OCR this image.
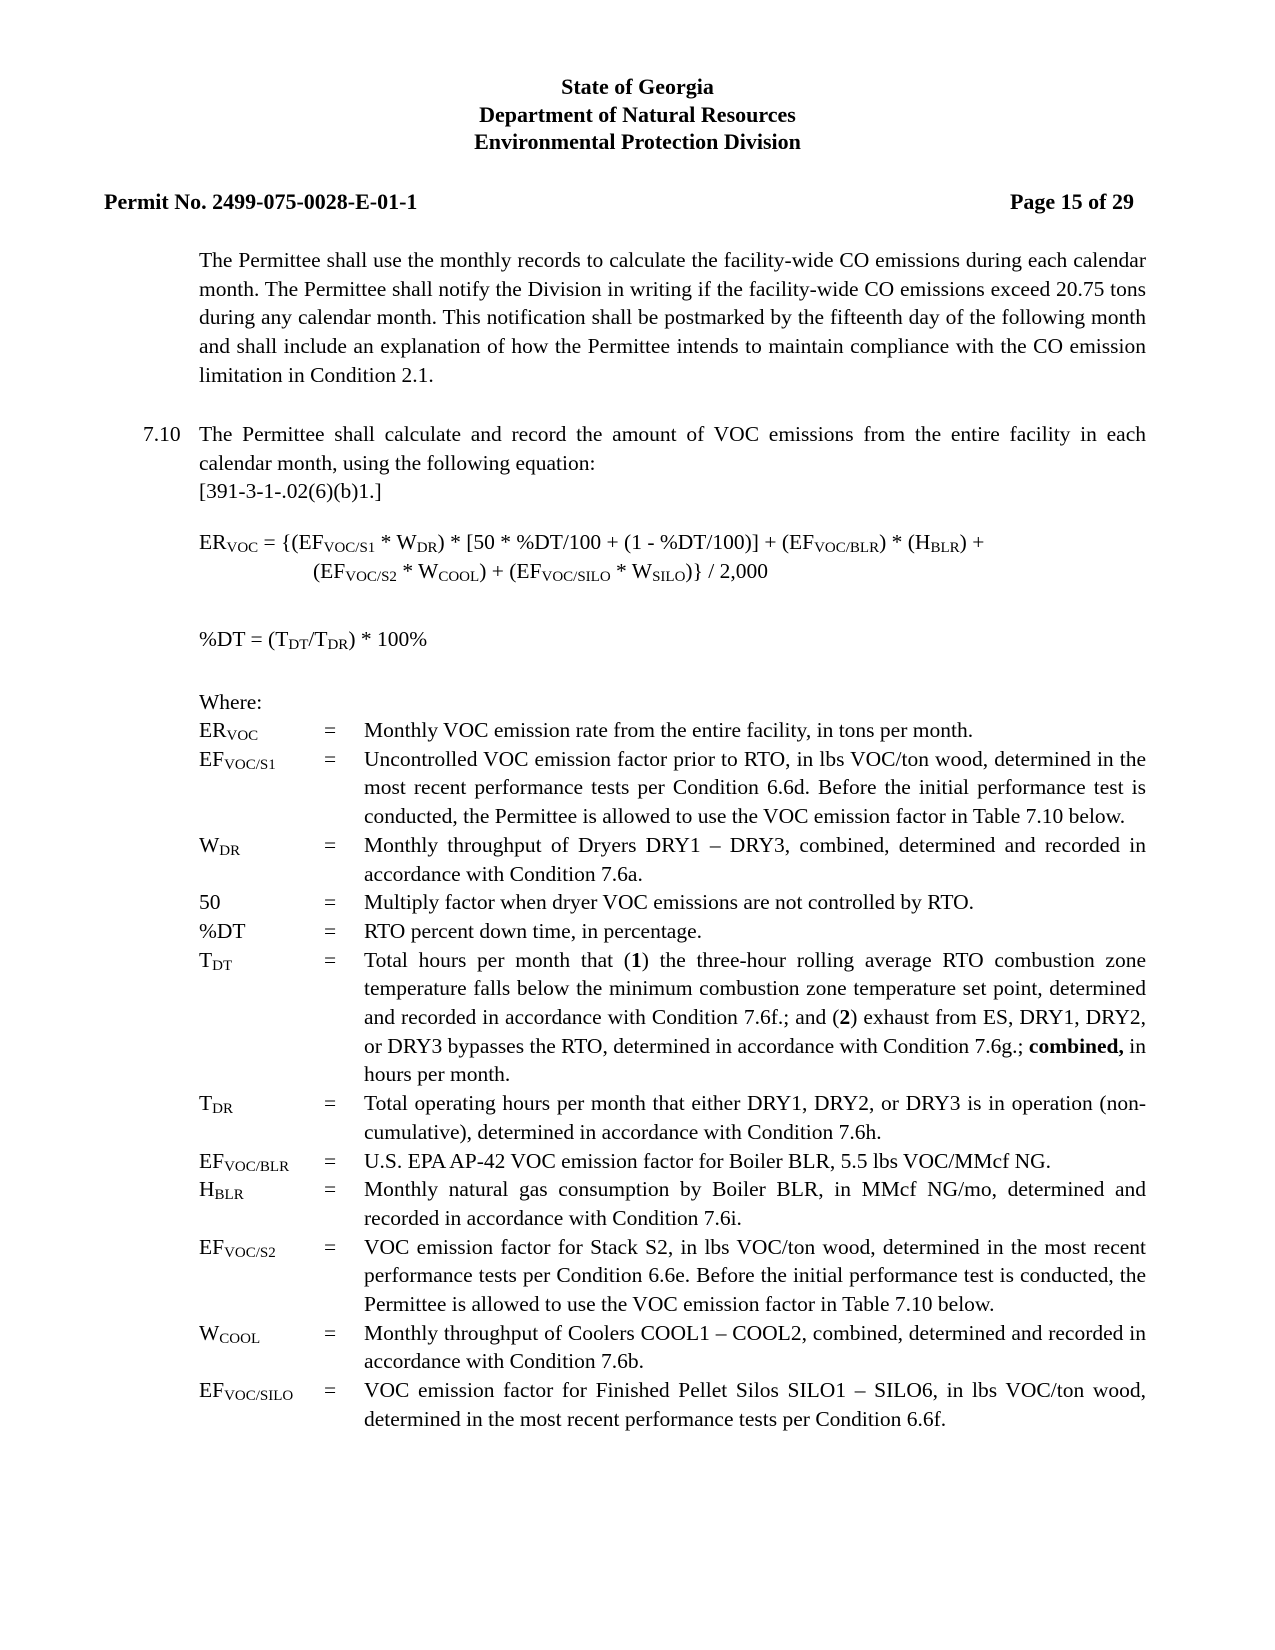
State of Georgia
Department of Natural Resources
Environmental Protection Division
Permit No. 2499-075-0028-E-01-1	Page 15 of 29
The Permittee shall use the monthly records to calculate the facility-wide CO emissions during each calendar month. The Permittee shall notify the Division in writing if the facility-wide CO emissions exceed 20.75 tons during any calendar month. This notification shall be postmarked by the fifteenth day of the following month and shall include an explanation of how the Permittee intends to maintain compliance with the CO emission limitation in Condition 2.1.
7.10 The Permittee shall calculate and record the amount of VOC emissions from the entire facility in each calendar month, using the following equation:
[391-3-1-.02(6)(b)1.]
$ER_{VOC} = \{(EF_{VOC/S1} * W_{DR}) * [50 * \%DT/100 + (1 - \%DT/100)] + (EF_{VOC/BLR}) * (H_{BLR})$ +
$(EF_{VOC/S2} * W_{COOL}) + (EF_{VOC/SILO} * W_{SILO})\} / 2,000$
$\%DT = (T_{DT}/T_{DR}) * 100\%$
Where:
$ER_{VOC}$	=	Monthly VOC emission rate from the entire facility, in tons per month.
$EF_{VOC/S1}$	=	Uncontrolled VOC emission factor prior to RTO, in lbs VOC/ton wood, determined in the most recent performance tests per Condition 6.6d. Before the initial performance test is conducted, the Permittee is allowed to use the VOC emission factor in Table 7.10 below.
$W_{DR}$	=	Monthly throughput of Dryers DRY1 – DRY3, combined, determined and recorded in accordance with Condition 7.6a.
50	=	Multiply factor when dryer VOC emissions are not controlled by RTO.
%DT	=	RTO percent down time, in percentage.
$T_{DT}$	=	Total hours per month that (1) the three-hour rolling average RTO combustion zone temperature falls below the minimum combustion zone temperature set point, determined and recorded in accordance with Condition 7.6f.; and (2) exhaust from ES, DRY1, DRY2, or DRY3 bypasses the RTO, determined in accordance with Condition 7.6g.; combined, in hours per month.
$T_{DR}$	=	Total operating hours per month that either DRY1, DRY2, or DRY3 is in operation (non-cumulative), determined in accordance with Condition 7.6h.
$EF_{VOC/BLR}$	=	U.S. EPA AP-42 VOC emission factor for Boiler BLR, 5.5 lbs VOC/MMcf NG.
$H_{BLR}$	=	Monthly natural gas consumption by Boiler BLR, in MMcf NG/mo, determined and recorded in accordance with Condition 7.6i.
$EF_{VOC/S2}$	=	VOC emission factor for Stack S2, in lbs VOC/ton wood, determined in the most recent performance tests per Condition 6.6e. Before the initial performance test is conducted, the Permittee is allowed to use the VOC emission factor in Table 7.10 below.
$W_{COOL}$	=	Monthly throughput of Coolers COOL1 – COOL2, combined, determined and recorded in accordance with Condition 7.6b.
$EF_{VOC/SILO}$	=	VOC emission factor for Finished Pellet Silos SILO1 – SILO6, in lbs VOC/ton wood, determined in the most recent performance tests per Condition 6.6f.
